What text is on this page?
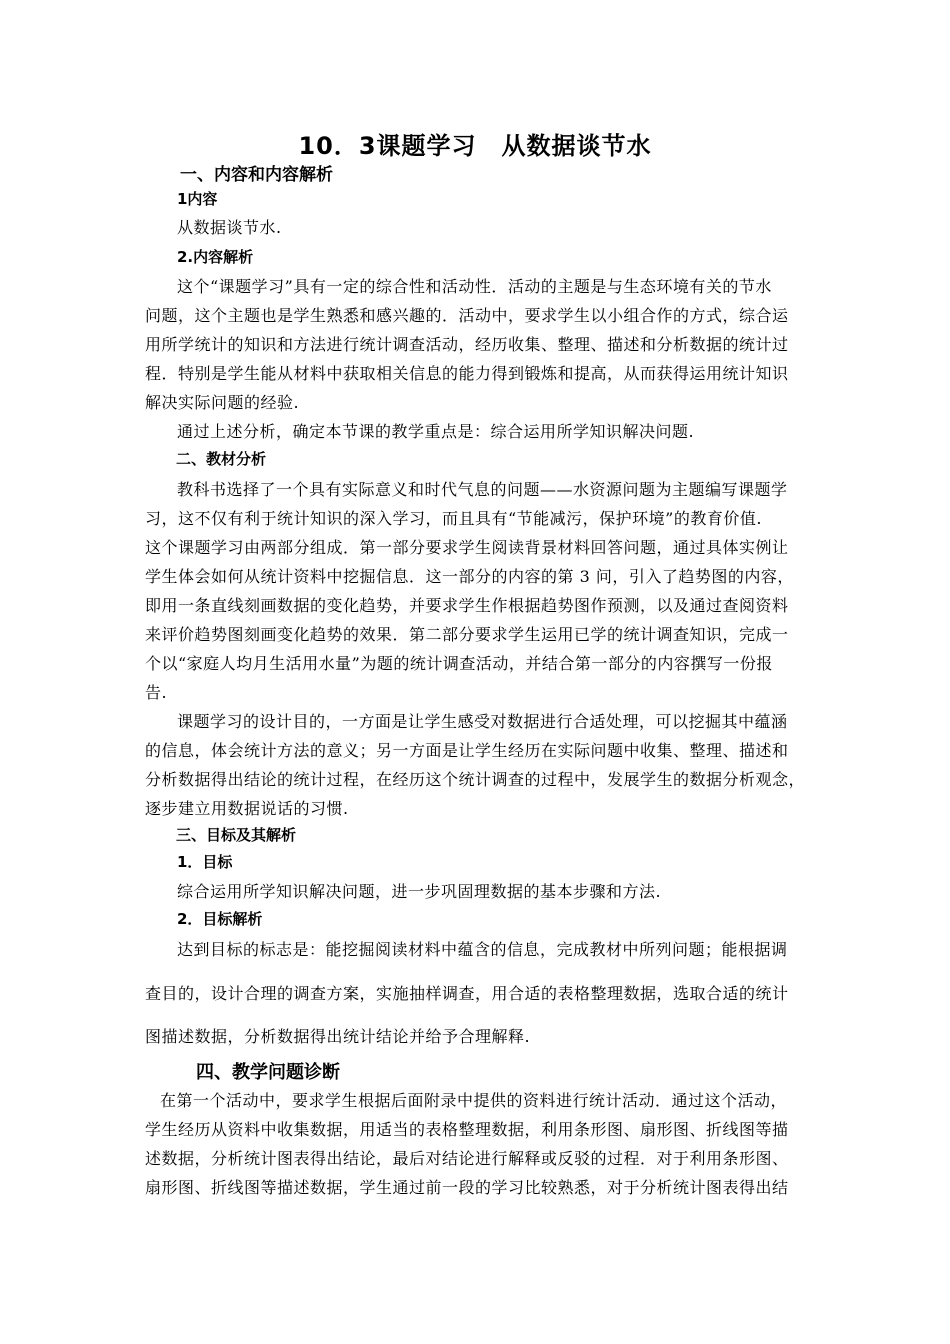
10．3课题学习　从数据谈节水
一、内容和内容解析
1内容
从数据谈节水.
2.内容解析
这个“课题学习”具有一定的综合性和活动性．活动的主题是与生态环境有关的节水
问题，这个主题也是学生熟悉和感兴趣的．活动中，要求学生以小组合作的方式，综合运
用所学统计的知识和方法进行统计调查活动，经历收集、整理、描述和分析数据的统计过
程．特别是学生能从材料中获取相关信息的能力得到锻炼和提高，从而获得运用统计知识
解决实际问题的经验.
通过上述分析，确定本节课的教学重点是：综合运用所学知识解决问题.
二、教材分析
教科书选择了一个具有实际意义和时代气息的问题——水资源问题为主题编写课题学
习，这不仅有利于统计知识的深入学习，而且具有“节能减污，保护环境”的教育价值.
这个课题学习由两部分组成．第一部分要求学生阅读背景材料回答问题，通过具体实例让
学生体会如何从统计资料中挖掘信息．这一部分的内容的第 3 问，引入了趋势图的内容，
即用一条直线刻画数据的变化趋势，并要求学生作根据趋势图作预测，以及通过查阅资料
来评价趋势图刻画变化趋势的效果．第二部分要求学生运用已学的统计调查知识，完成一
个以“家庭人均月生活用水量”为题的统计调查活动，并结合第一部分的内容撰写一份报
告.
课题学习的设计目的，一方面是让学生感受对数据进行合适处理，可以挖掘其中蕴涵
的信息，体会统计方法的意义；另一方面是让学生经历在实际问题中收集、整理、描述和
分析数据得出结论的统计过程，在经历这个统计调查的过程中，发展学生的数据分析观念，
逐步建立用数据说话的习惯.
三、目标及其解析
1．目标
综合运用所学知识解决问题，进一步巩固理数据的基本步骤和方法.
2．目标解析
达到目标的标志是：能挖掘阅读材料中蕴含的信息，完成教材中所列问题；能根据调
查目的，设计合理的调查方案，实施抽样调查，用合适的表格整理数据，选取合适的统计
图描述数据，分析数据得出统计结论并给予合理解释.
四、教学问题诊断
在第一个活动中，要求学生根据后面附录中提供的资料进行统计活动．通过这个活动，
学生经历从资料中收集数据，用适当的表格整理数据，利用条形图、扇形图、折线图等描
述数据，分析统计图表得出结论，最后对结论进行解释或反驳的过程．对于利用条形图、
扇形图、折线图等描述数据，学生通过前一段的学习比较熟悉，对于分析统计图表得出结
